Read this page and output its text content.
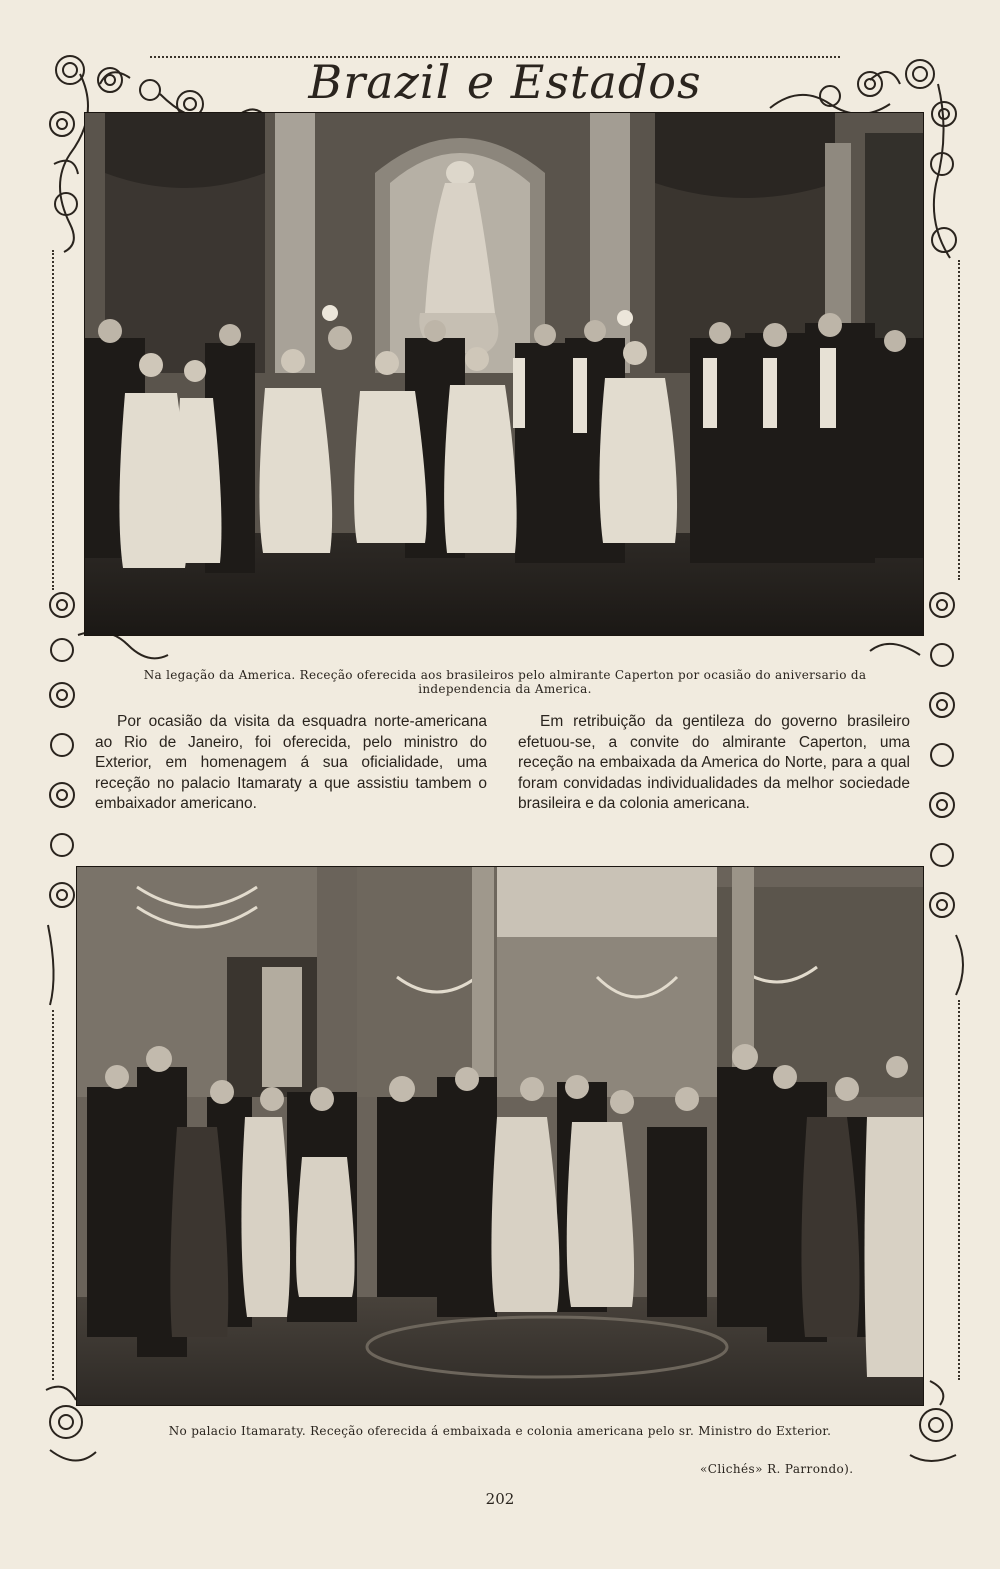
Brazil e Estados
Na legação da America. Receção oferecida aos brasileiros pelo almirante Caperton por ocasião do aniversario da independencia da America.
Por ocasião da visita da esquadra norte-americana ao Rio de Janeiro, foi oferecida, pelo ministro do Exterior, em homenagem á sua oficialidade, uma receção no palacio Itamaraty a que assistiu tambem o embaixador americano.
Em retribuição da gentileza do governo brasileiro efetuou-se, a convite do almirante Caperton, uma receção na embaixada da America do Norte, para a qual foram convidadas individualidades da melhor sociedade brasileira e da colonia americana.
No palacio Itamaraty. Receção oferecida á embaixada e colonia americana pelo sr. Ministro do Exterior.
«Clichés» R. Parrondo).
202
